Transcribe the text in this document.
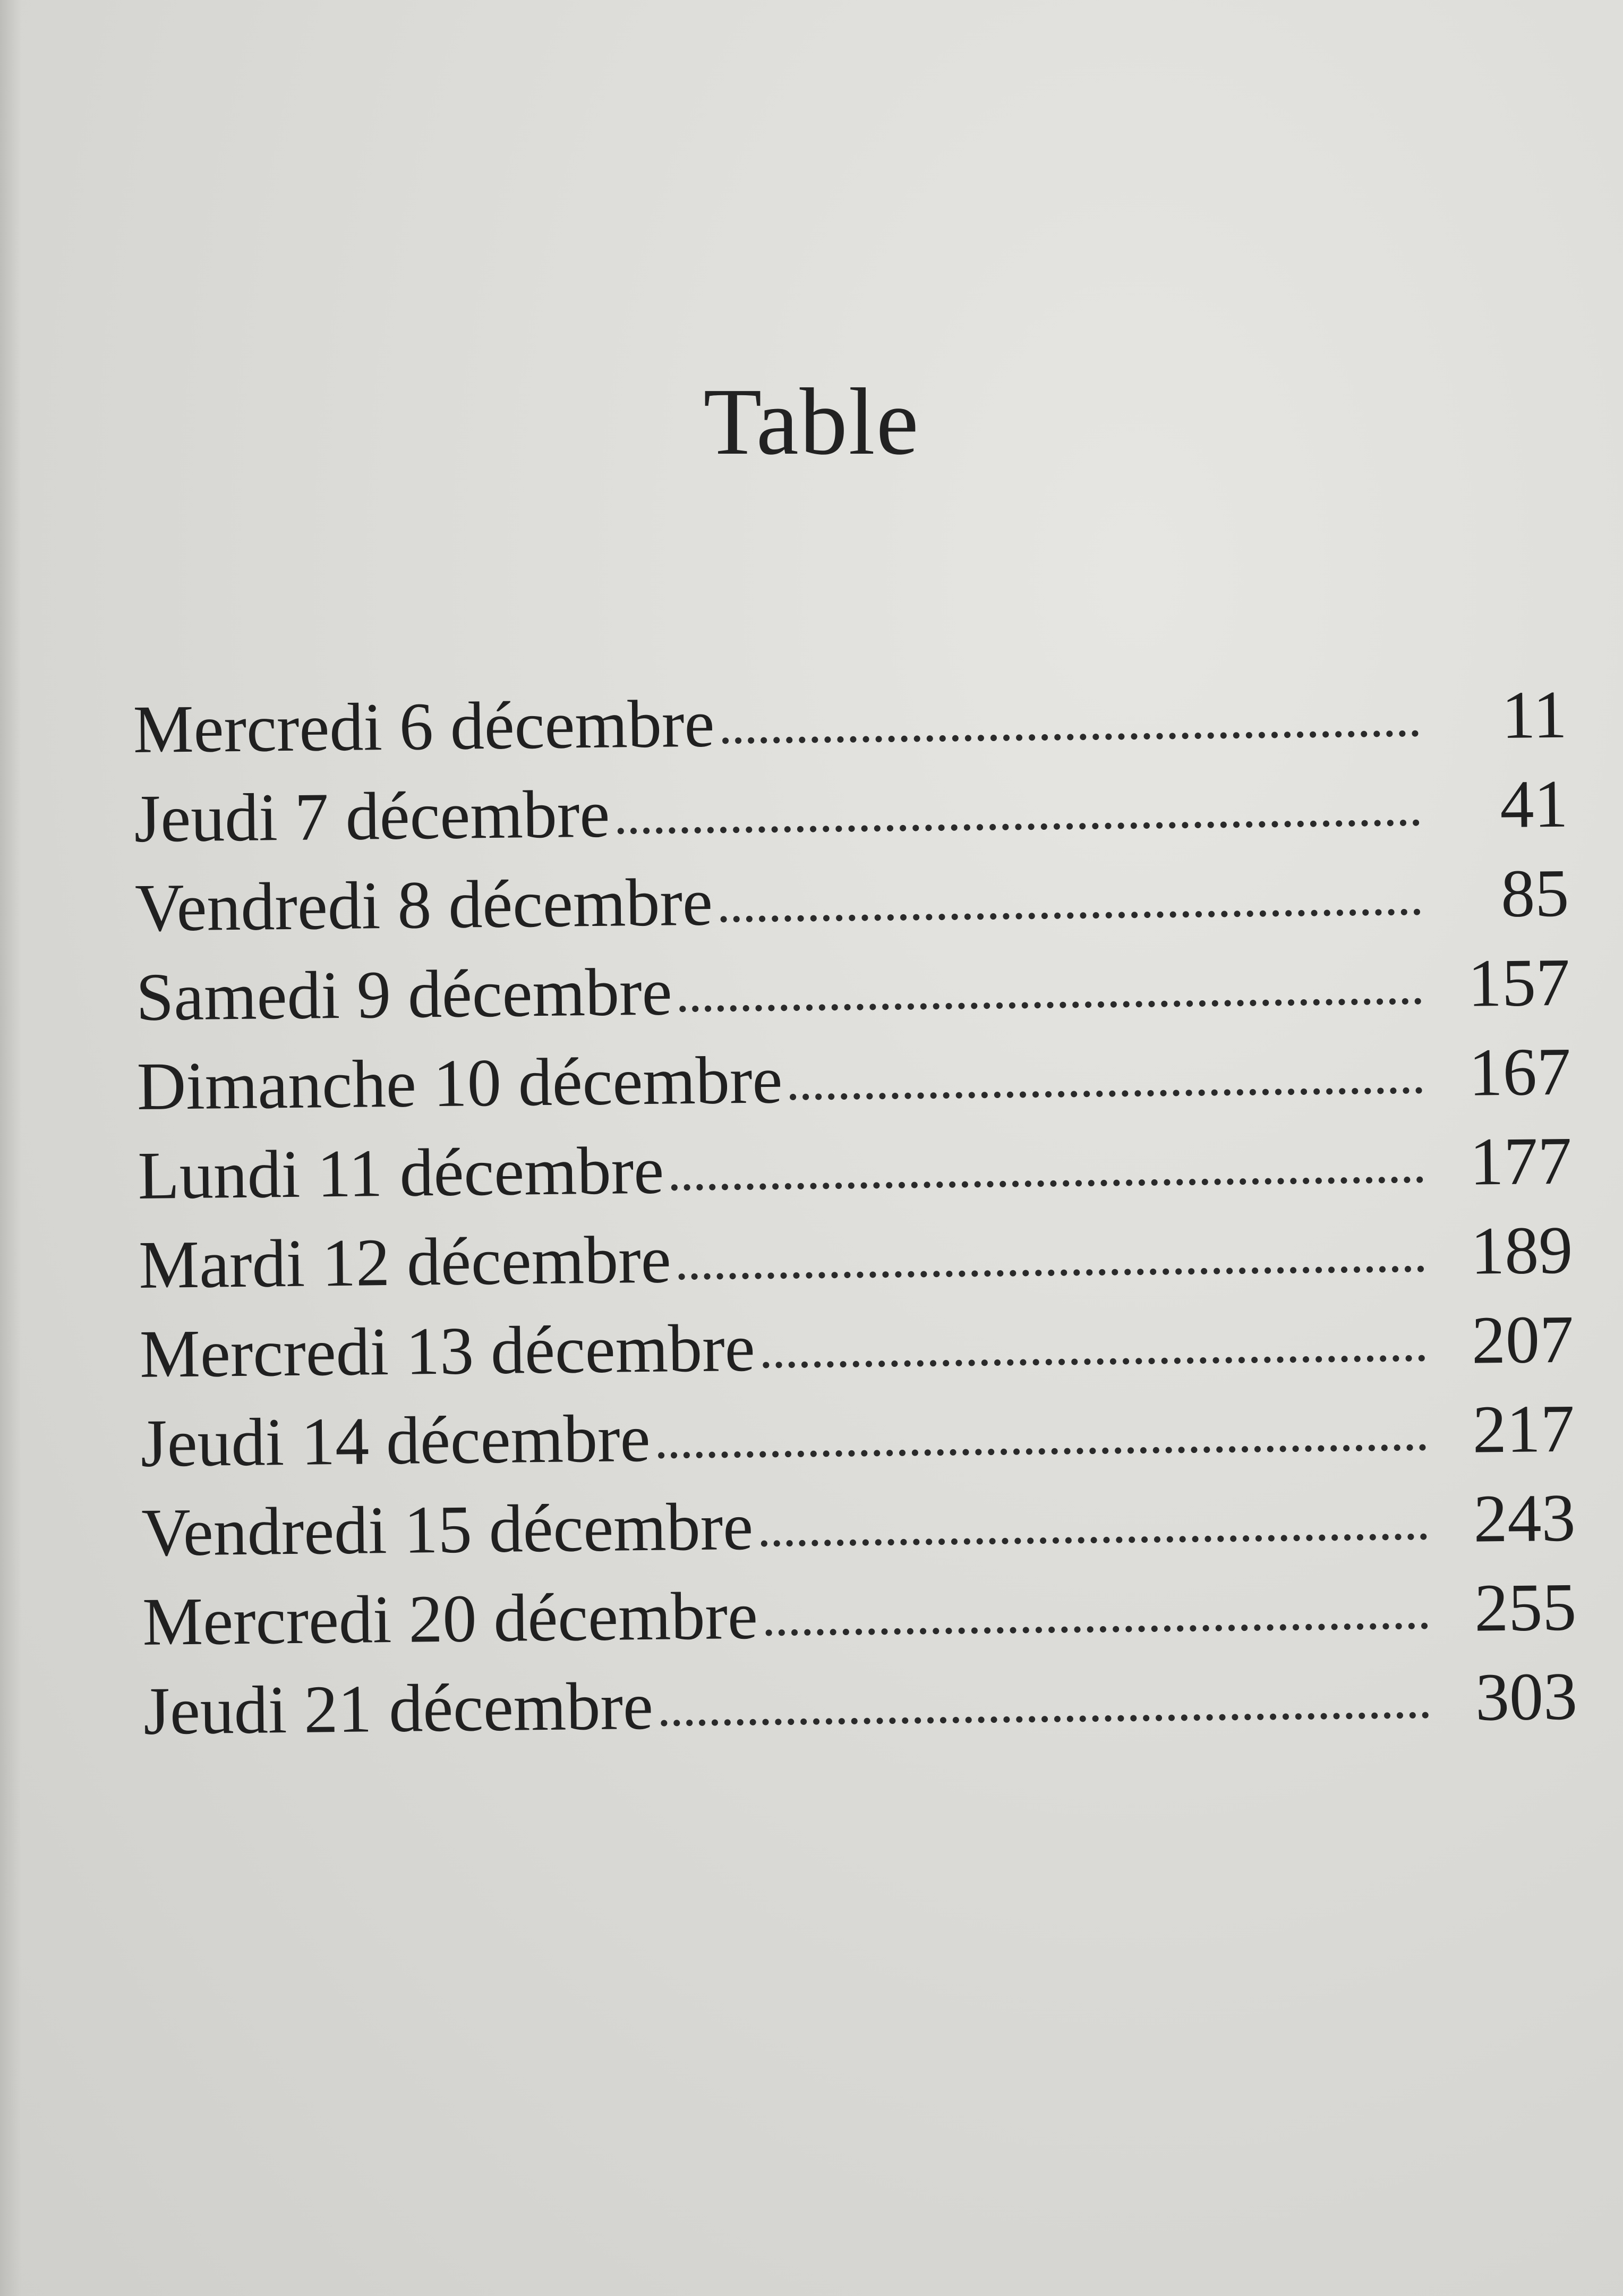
Table
Mercredi 6 décembre	11
Jeudi 7 décembre	41
Vendredi 8 décembre	85
Samedi 9 décembre	157
Dimanche 10 décembre	167
Lundi 11 décembre	177
Mardi 12 décembre	189
Mercredi 13 décembre	207
Jeudi 14 décembre	217
Vendredi 15 décembre	243
Mercredi 20 décembre	255
Jeudi 21 décembre	303
